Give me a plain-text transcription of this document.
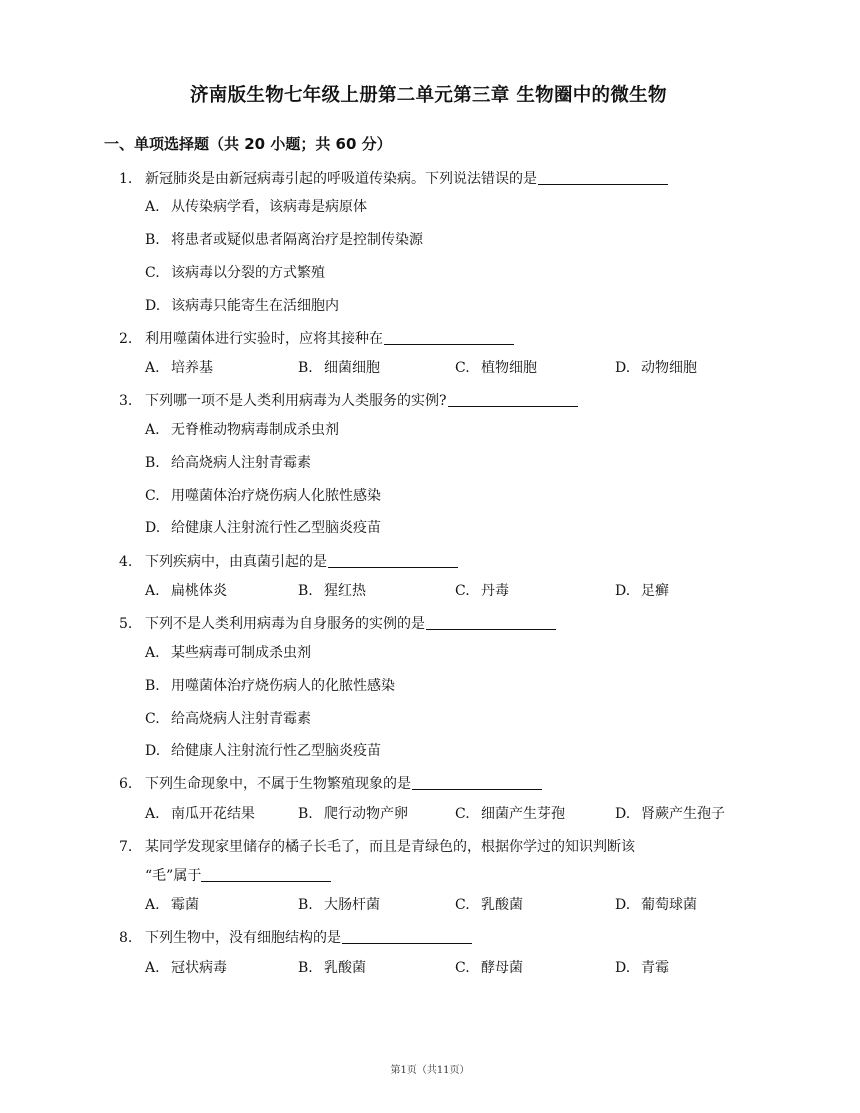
济南版生物七年级上册第二单元第三章 生物圈中的微生物
一、单项选择题（共 20 小题；共 60 分）
1. 新冠肺炎是由新冠病毒引起的呼吸道传染病。下列说法错误的是
A. 从传染病学看，该病毒是病原体
B. 将患者或疑似患者隔离治疗是控制传染源
C. 该病毒以分裂的方式繁殖
D. 该病毒只能寄生在活细胞内
2. 利用噬菌体进行实验时，应将其接种在
A. 培养基	B. 细菌细胞	C. 植物细胞	D. 动物细胞
3. 下列哪一项不是人类利用病毒为人类服务的实例?
A. 无脊椎动物病毒制成杀虫剂
B. 给高烧病人注射青霉素
C. 用噬菌体治疗烧伤病人化脓性感染
D. 给健康人注射流行性乙型脑炎疫苗
4. 下列疾病中，由真菌引起的是
A. 扁桃体炎	B. 猩红热	C. 丹毒	D. 足癣
5. 下列不是人类利用病毒为自身服务的实例的是
A. 某些病毒可制成杀虫剂
B. 用噬菌体治疗烧伤病人的化脓性感染
C. 给高烧病人注射青霉素
D. 给健康人注射流行性乙型脑炎疫苗
6. 下列生命现象中，不属于生物繁殖现象的是
A. 南瓜开花结果	B. 爬行动物产卵	C. 细菌产生芽孢	D. 肾蕨产生孢子
7. 某同学发现家里储存的橘子长毛了，而且是青绿色的，根据你学过的知识判断该
“毛”属于
A. 霉菌	B. 大肠杆菌	C. 乳酸菌	D. 葡萄球菌
8. 下列生物中，没有细胞结构的是
A. 冠状病毒	B. 乳酸菌	C. 酵母菌	D. 青霉
第1页（共11页）
